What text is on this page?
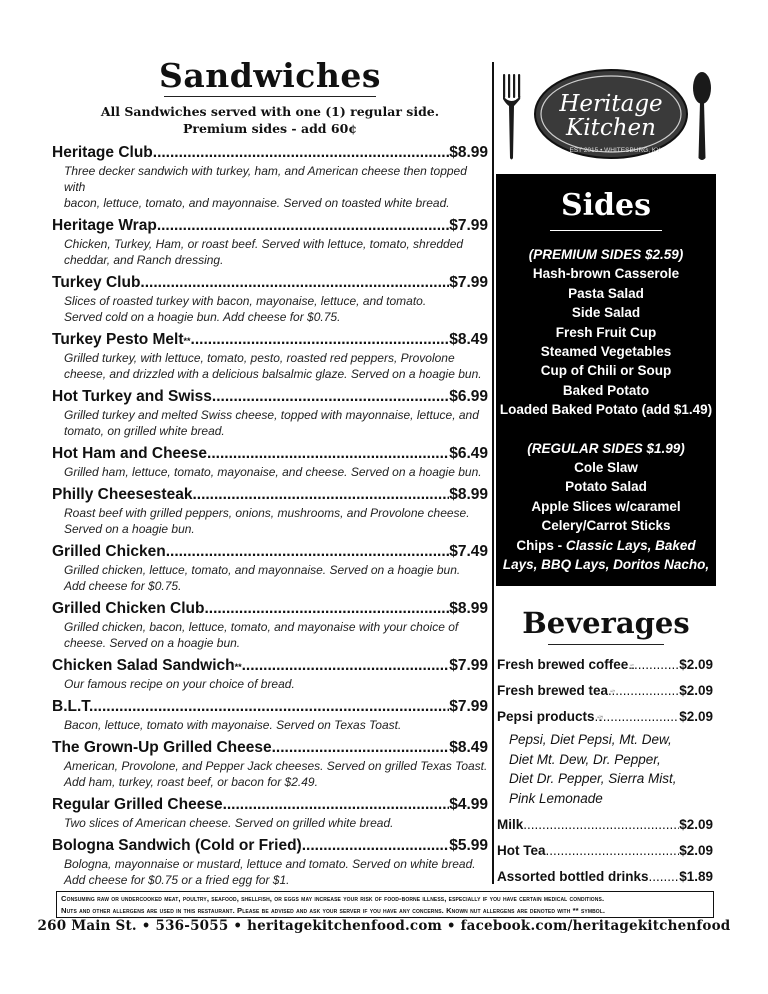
Sandwiches
All Sandwiches served with one (1) regular side.
Premium sides - add 60¢
Heritage Club .....	$8.99
Three decker sandwich with turkey, ham, and American cheese then topped with
bacon, lettuce, tomato, and mayonnaise. Served on toasted white bread.
Heritage Wrap .....	$7.99
Chicken, Turkey, Ham, or roast beef. Served with lettuce, tomato, shredded
cheddar, and Ranch dressing.
Turkey Club .....	$7.99
Slices of roasted turkey with bacon, mayonaise, lettuce, and tomato.
Served cold on a hoagie bun. Add cheese for $0.75.
Turkey Pesto Melt ** .....	$8.49
Grilled turkey, with lettuce, tomato, pesto, roasted red peppers, Provolone
cheese, and drizzled with a delicious balsalmic glaze. Served on a hoagie bun.
Hot Turkey and Swiss .....	$6.99
Grilled turkey and melted Swiss cheese, topped with mayonnaise, lettuce, and
tomato, on grilled white bread.
Hot Ham and Cheese .....	$6.49
Grilled ham, lettuce, tomato, mayonaise, and cheese. Served on a hoagie bun.
Philly Cheesesteak .....	$8.99
Roast beef with grilled peppers, onions, mushrooms, and Provolone cheese.
Served on a hoagie bun.
Grilled Chicken .....	$7.49
Grilled chicken, lettuce, tomato, and mayonnaise. Served on a hoagie bun.
Add cheese for $0.75.
Grilled Chicken Club .....	$8.99
Grilled chicken, bacon, lettuce, tomato, and mayonaise with your choice of
cheese. Served on a hoagie bun.
Chicken Salad Sandwich ** .....	$7.99
Our famous recipe on your choice of bread.
B.L.T. .....	$7.99
Bacon, lettuce, tomato with mayonaise. Served on Texas Toast.
The Grown-Up Grilled Cheese .....	$8.49
American, Provolone, and Pepper Jack cheeses. Served on grilled Texas Toast.
Add ham, turkey, roast beef, or bacon for $2.49.
Regular Grilled Cheese .....	$4.99
Two slices of American cheese. Served on grilled white bread.
Bologna Sandwich (Cold or Fried) .....	$5.99
Bologna, mayonnaise or mustard, lettuce and tomato. Served on white bread.
Add cheese for $0.75 or a fried egg for $1.
Heritage
Kitchen
EST 2015 • WHITESBURG, KY
Sides
(PREMIUM SIDES $2.59)
Hash-brown Casserole
Pasta Salad
Side Salad
Fresh Fruit Cup
Steamed Vegetables
Cup of Chili or Soup
Baked Potato
Loaded Baked Potato (add $1.49)
(REGULAR SIDES $1.99)
Cole Slaw
Potato Salad
Apple Slices w/caramel
Celery/Carrot Sticks
Chips - Classic Lays, Baked
Lays, BBQ Lays, Doritos Nacho,
Beverages
Fresh brewed coffee ..... Free Refills .....	$2.09
Fresh brewed tea ..... Free Refills .....	$2.09
Pepsi products ..... Free Refills .....	$2.09
Pepsi, Diet Pepsi, Mt. Dew,
Diet Mt. Dew, Dr. Pepper,
Diet Dr. Pepper, Sierra Mist,
Pink Lemonade
Milk .....	$2.09
Hot Tea .....	$2.09
Assorted bottled drinks ..... $1.89
Consuming raw or undercooked meat, poultry, seafood, shellfish, or eggs may increase your risk of food-borne illness, especially if you have certain medical conditions.
Nuts and other allergens are used in this restaurant. Please be advised and ask your server if you have any concerns. Known nut allergens are denoted with ** symbol.
260 Main St. • 536-5055 • heritagekitchenfood.com • facebook.com/heritagekitchenfood
